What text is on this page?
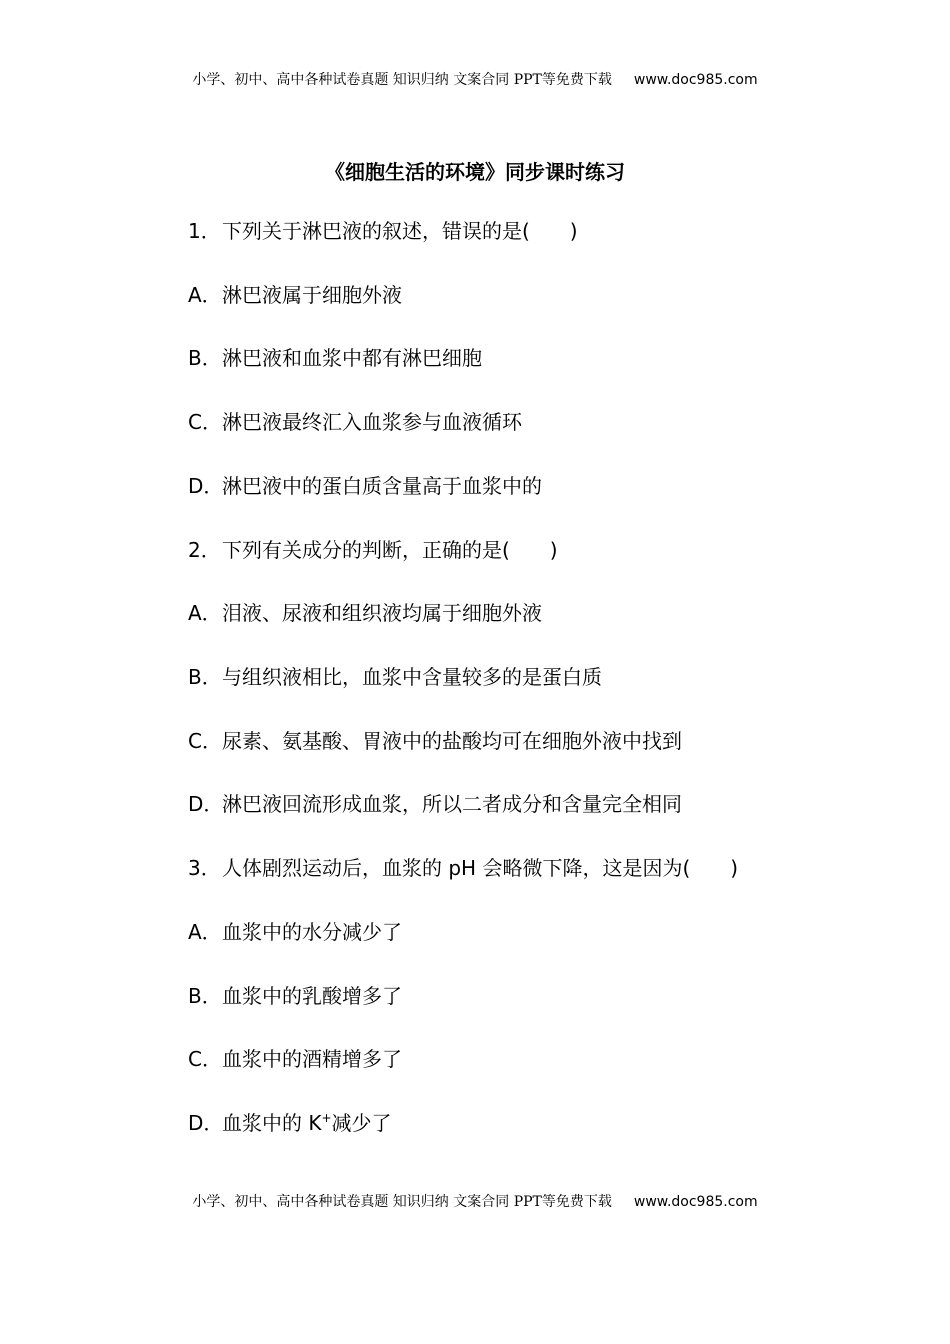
小学、初中、高中各种试卷真题 知识归纳 文案合同 PPT等免费下载 www.doc985.com
《细胞生活的环境》同步课时练习
1．下列关于淋巴液的叙述，错误的是(　　)
A．淋巴液属于细胞外液
B．淋巴液和血浆中都有淋巴细胞
C．淋巴液最终汇入血浆参与血液循环
D．淋巴液中的蛋白质含量高于血浆中的
2．下列有关成分的判断，正确的是(　　)
A．泪液、尿液和组织液均属于细胞外液
B．与组织液相比，血浆中含量较多的是蛋白质
C．尿素、氨基酸、胃液中的盐酸均可在细胞外液中找到
D．淋巴液回流形成血浆，所以二者成分和含量完全相同
3．人体剧烈运动后，血浆的 pH 会略微下降，这是因为(　　)
A．血浆中的水分减少了
B．血浆中的乳酸增多了
C．血浆中的酒精增多了
D．血浆中的 K+减少了
小学、初中、高中各种试卷真题 知识归纳 文案合同 PPT等免费下载 www.doc985.com
